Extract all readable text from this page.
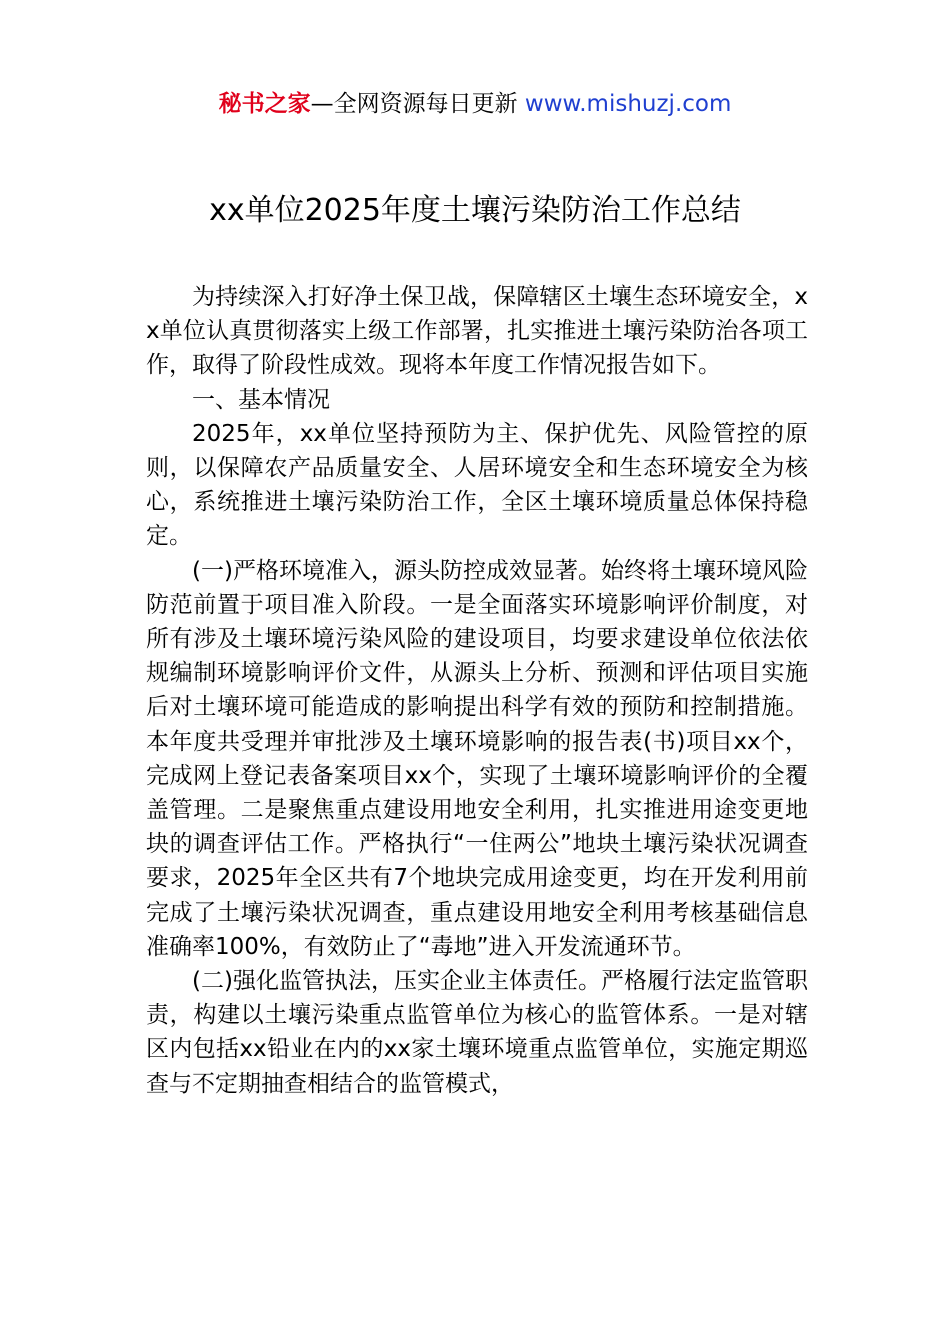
秘书之家—全网资源每日更新 www.mishuzj.com
xx单位2025年度土壤污染防治工作总结

为持续深入打好净土保卫战，保障辖区土壤生态环境安全，xx单位认真贯彻落实上级工作部署，扎实推进土壤污染防治各项工作，取得了阶段性成效。现将本年度工作情况报告如下。

一、基本情况

2025年，xx单位坚持预防为主、保护优先、风险管控的原则，以保障农产品质量安全、人居环境安全和生态环境安全为核心，系统推进土壤污染防治工作，全区土壤环境质量总体保持稳定。

(一)严格环境准入，源头防控成效显著。始终将土壤环境风险防范前置于项目准入阶段。一是全面落实环境影响评价制度，对所有涉及土壤环境污染风险的建设项目，均要求建设单位依法依规编制环境影响评价文件，从源头上分析、预测和评估项目实施后对土壤环境可能造成的影响提出科学有效的预防和控制措施。本年度共受理并审批涉及土壤环境影响的报告表(书)项目xx个，完成网上登记表备案项目xx个，实现了土壤环境影响评价的全覆盖管理。二是聚焦重点建设用地安全利用，扎实推进用途变更地块的调查评估工作。严格执行“一住两公”地块土壤污染状况调查要求，2025年全区共有7个地块完成用途变更，均在开发利用前完成了土壤污染状况调查，重点建设用地安全利用考核基础信息准确率100%，有效防止了“毒地”进入开发流通环节。

(二)强化监管执法，压实企业主体责任。严格履行法定监管职责，构建以土壤污染重点监管单位为核心的监管体系。一是对辖区内包括xx铅业在内的xx家土壤环境重点监管单位，实施定期巡查与不定期抽查相结合的监管模式，
